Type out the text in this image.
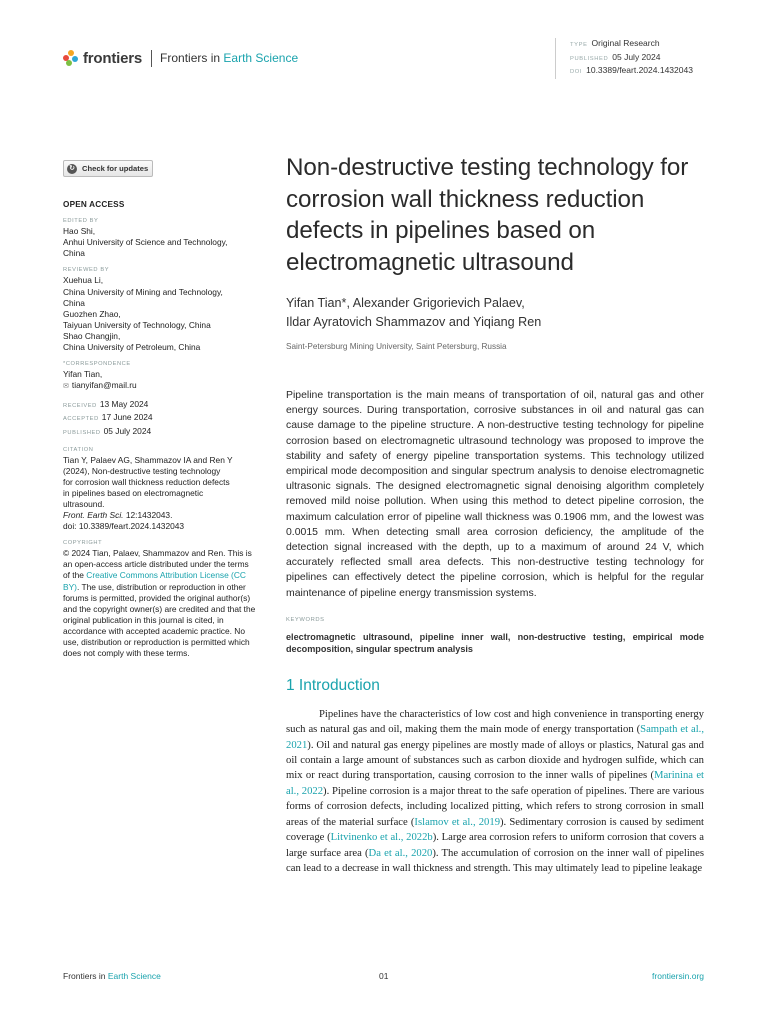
frontiers Frontiers in Earth Science
TYPE Original Research
PUBLISHED 05 July 2024
DOI 10.3389/feart.2024.1432043
↻ Check for updates
OPEN ACCESS
EDITED BY
Hao Shi,
Anhui University of Science and Technology,
China
REVIEWED BY
Xuehua Li,
China University of Mining and Technology,
China
Guozhen Zhao,
Taiyuan University of Technology, China
Shao Changjin,
China University of Petroleum, China
*CORRESPONDENCE
Yifan Tian,
✉ tianyifan@mail.ru
RECEIVED 13 May 2024
ACCEPTED 17 June 2024
PUBLISHED 05 July 2024
CITATION
Tian Y, Palaev AG, Shammazov IA and Ren Y
(2024), Non-destructive testing technology
for corrosion wall thickness reduction defects
in pipelines based on electromagnetic
ultrasound.
Front. Earth Sci. 12:1432043.
doi: 10.3389/feart.2024.1432043
COPYRIGHT
© 2024 Tian, Palaev, Shammazov and Ren. This is an open-access article distributed under the terms of the Creative Commons Attribution License (CC BY). The use, distribution or reproduction in other forums is permitted, provided the original author(s) and the copyright owner(s) are credited and that the original publication in this journal is cited, in accordance with accepted academic practice. No use, distribution or reproduction is permitted which does not comply with these terms.
Non-destructive testing technology for corrosion wall thickness reduction defects in pipelines based on electromagnetic ultrasound
Yifan Tian*, Alexander Grigorievich Palaev,
Ildar Ayratovich Shammazov and Yiqiang Ren
Saint-Petersburg Mining University, Saint Petersburg, Russia
Pipeline transportation is the main means of transportation of oil, natural gas and other energy sources. During transportation, corrosive substances in oil and natural gas can cause damage to the pipeline structure. A non-destructive testing technology for pipeline corrosion based on electromagnetic ultrasound technology was proposed to improve the stability and safety of energy pipeline transportation systems. This technology utilized empirical mode decomposition and singular spectrum analysis to denoise electromagnetic ultrasonic signals. The designed electromagnetic signal denoising algorithm completely removed mild noise pollution. When using this method to detect pipeline corrosion, the maximum calculation error of pipeline wall thickness was 0.1906 mm, and the lowest was 0.0015 mm. When detecting small area corrosion deficiency, the amplitude of the detection signal increased with the depth, up to a maximum of around 24 V, which accurately reflected small area defects. This non-destructive testing technology for pipelines can effectively detect the pipeline corrosion, which is helpful for the regular maintenance of pipeline energy transmission systems.
KEYWORDS
electromagnetic ultrasound, pipeline inner wall, non-destructive testing, empirical mode decomposition, singular spectrum analysis
1 Introduction
Pipelines have the characteristics of low cost and high convenience in transporting energy such as natural gas and oil, making them the main mode of energy transportation (Sampath et al., 2021). Oil and natural gas energy pipelines are mostly made of alloys or plastics, Natural gas and oil contain a large amount of substances such as carbon dioxide and hydrogen sulfide, which can mix or react during transportation, causing corrosion to the inner walls of pipelines (Marinina et al., 2022). Pipeline corrosion is a major threat to the safe operation of pipelines. There are various forms of corrosion defects, including localized pitting, which refers to strong corrosion in small areas of the material surface (Islamov et al., 2019). Sedimentary corrosion is caused by sediment coverage (Litvinenko et al., 2022b). Large area corrosion refers to uniform corrosion that covers a large surface area (Da et al., 2020). The accumulation of corrosion on the inner wall of pipelines can lead to a decrease in wall thickness and strength. This may ultimately lead to pipeline leakage
Frontiers in Earth Science	01	frontiersin.org
